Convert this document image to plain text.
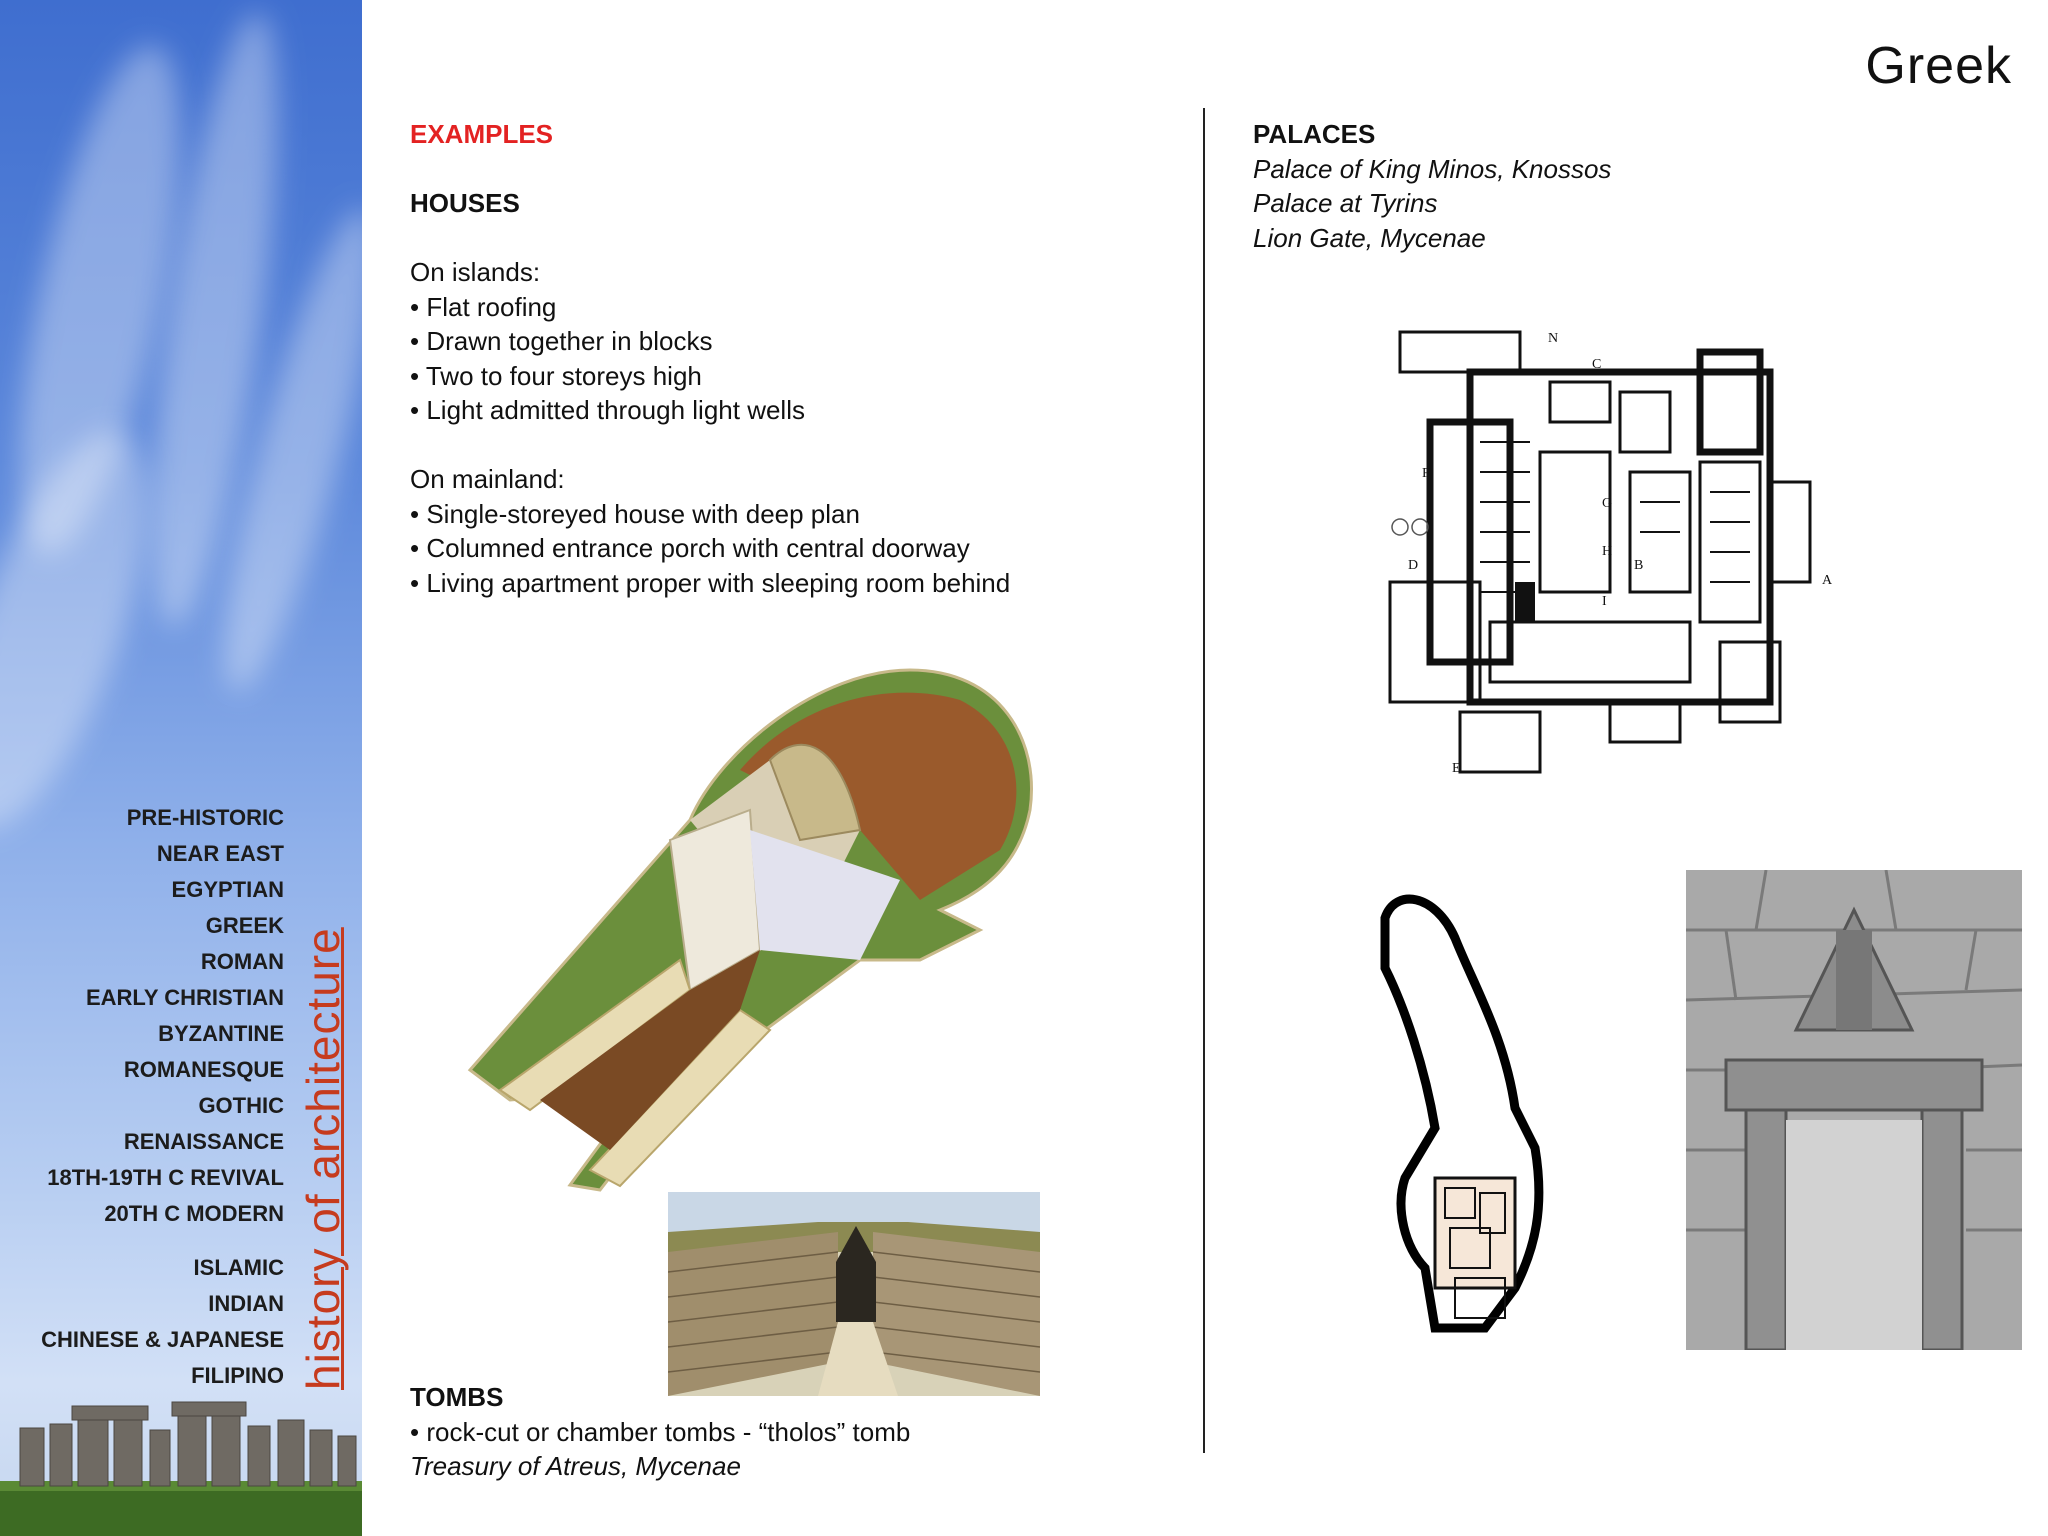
PRE-HISTORIC
NEAR EAST
EGYPTIAN
GREEK
ROMAN
EARLY CHRISTIAN
BYZANTINE
ROMANESQUE
GOTHIC
RENAISSANCE
18TH-19TH C REVIVAL
20TH C MODERN
ISLAMIC
INDIAN
CHINESE & JAPANESE
FILIPINO history of architecture
Greek
EXAMPLES
HOUSES
On islands:
• Flat roofing
• Drawn together in blocks
• Two to four storeys high
• Light admitted through light wells
On mainland:
• Single-storeyed house with deep plan
• Columned entrance porch with central doorway
• Living apartment proper with sleeping room behind
TOMBS
• rock-cut or chamber tombs - “tholos” tomb
Treasury of Atreus, Mycenae
PALACES
Palace of King Minos, Knossos
Palace at Tyrins
Lion Gate, Mycenae
N
C
F
G
H
B
A
D
I
E
